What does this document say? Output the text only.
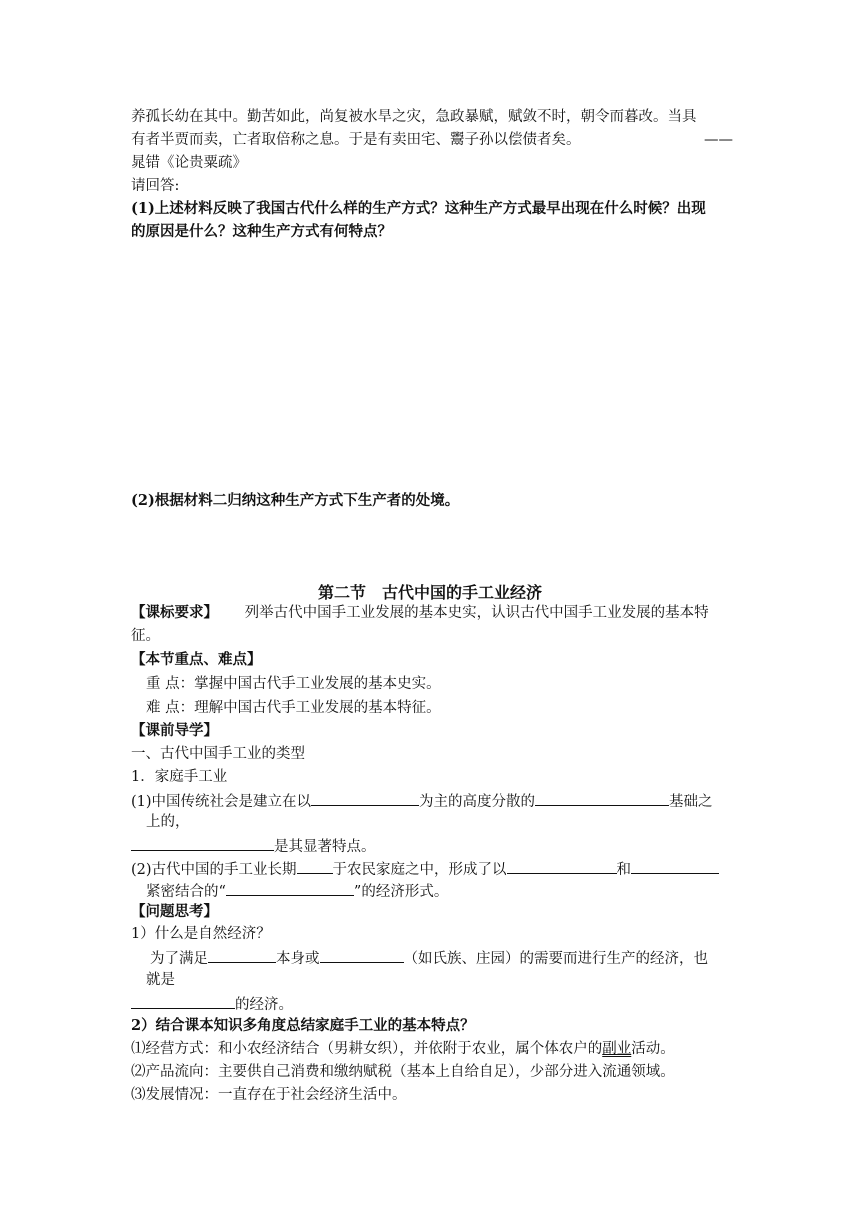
养孤长幼在其中。勤苦如此，尚复被水旱之灾，急政暴赋，赋敛不时，朝令而暮改。当具
有者半贾而卖，亡者取倍称之息。于是有卖田宅、鬻子孙以偿债者矣。	——
晁错《论贵粟疏》
请回答:
(1)上述材料反映了我国古代什么样的生产方式？这种生产方式最早出现在什么时候？出现
的原因是什么？这种生产方式有何特点？
(2)根据材料二归纳这种生产方式下生产者的处境。
第二节　古代中国的手工业经济
【课标要求】 列举古代中国手工业发展的基本史实，认识古代中国手工业发展的基本特
征。
【本节重点、难点】
重 点：掌握中国古代手工业发展的基本史实。
难 点：理解中国古代手工业发展的基本特征。
【课前导学】
一、古代中国手工业的类型
1．家庭手工业
(1)中国传统社会是建立在以	为主的高度分散的	基础之
上的，
是其显著特点。
(2)古代中国的手工业长期 于农民家庭之中，形成了以	和
紧密结合的“	”的经济形式。
【问题思考】
1）什么是自然经济？
为了满足	本身或	（如氏族、庄园）的需要而进行生产的经济，也
就是
的经济。
2）结合课本知识多角度总结家庭手工业的基本特点？
⑴经营方式：和小农经济结合（男耕女织），并依附于农业，属个体农户的副业活动。
⑵产品流向：主要供自己消费和缴纳赋税（基本上自给自足），少部分进入流通领域。
⑶发展情况：一直存在于社会经济生活中。
